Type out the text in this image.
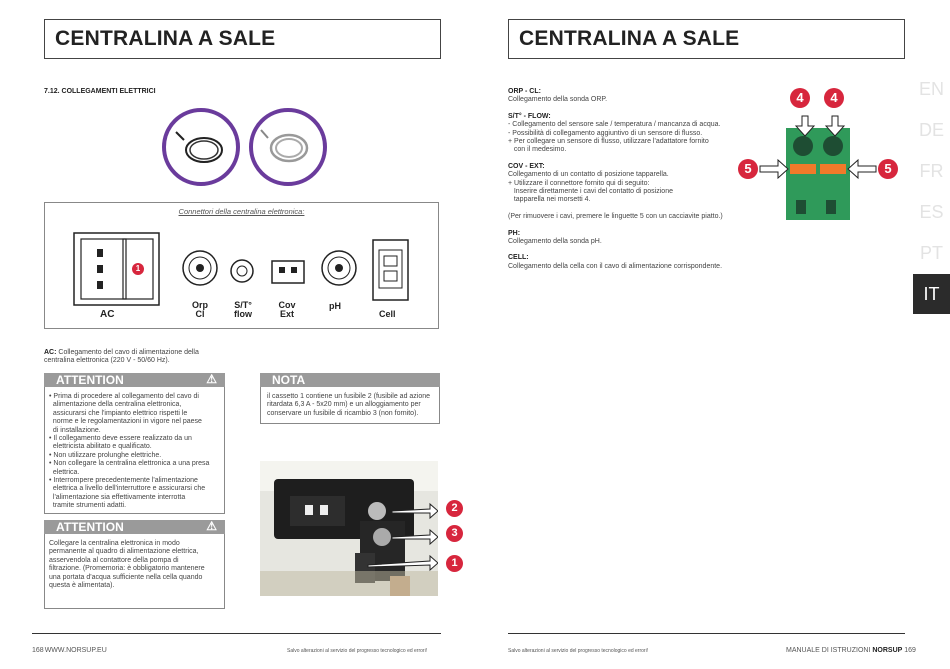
CENTRALINA A SALE
7.12. COLLEGAMENTI ELETTRICI
Connettori della centralina elettronica:
1
AC
Orp
Cl
S/T°
flow
Cov
Ext
pH
Cell
AC: Collegamento del cavo di alimentazione della centralina elettronica (220 V - 50/60 Hz).
ATTENTION	⚠
• Prima di procedere al collegamento del cavo di
alimentazione della centralina elettronica,
assicurarsi che l'impianto elettrico rispetti le
norme e le regolamentazioni in vigore nel paese
di installazione.
• Il collegamento deve essere realizzato da un
elettricista abilitato e qualificato.
• Non utilizzare prolunghe elettriche.
• Non collegare la centralina elettronica a una presa
elettrica.
• Interrompere precedentemente l'alimentazione
elettrica a livello dell'interruttore e assicurarsi che
l'alimentazione sia effettivamente interrotta
tramite strumenti adatti.
ATTENTION	⚠
Collegare la centralina elettronica in modo
permanente al quadro di alimentazione elettrica,
asservendola al contattore della pompa di
filtrazione. (Promemoria: è obbligatorio mantenere
una portata d'acqua sufficiente nella cella quando
questa è alimentata).
NOTA
il cassetto 1 contiene un fusibile 2 (fusibile ad azione
ritardata 6,3 A - 5x20 mm) e un alloggiamento per
conservare un fusibile di ricambio 3 (non fornito).
2
3
1
168WWW.NORSUP.EU	Salvo alterazioni al servizio del progresso tecnologico ed errori!
CENTRALINA A SALE
ORP - CL:
Collegamento della sonda ORP.
S/T° - FLOW:
- Collegamento del sensore sale / temperatura / mancanza di acqua.
- Possibilità di collegamento aggiuntivo di un sensore di flusso.
+ Per collegare un sensore di flusso, utilizzare l'adattatore fornito
con il medesimo.
COV - EXT:
Collegamento di un contatto di posizione tapparella.
+ Utilizzare il connettore fornito qui di seguito:
Inserire direttamente i cavi del contatto di posizione
tapparella nei morsetti 4.
(Per rimuovere i cavi, premere le linguette 5 con un cacciavite piatto.)
PH:
Collegamento della sonda pH.
CELL:
Collegamento della cella con il cavo di alimentazione corrispondente.
4	4
5	5
EN
DE
FR
ES
PT
IT
Salvo alterazioni al servizio del progresso tecnologico ed errori!	MANUALE DI ISTRUZIONI NORSUP 169
